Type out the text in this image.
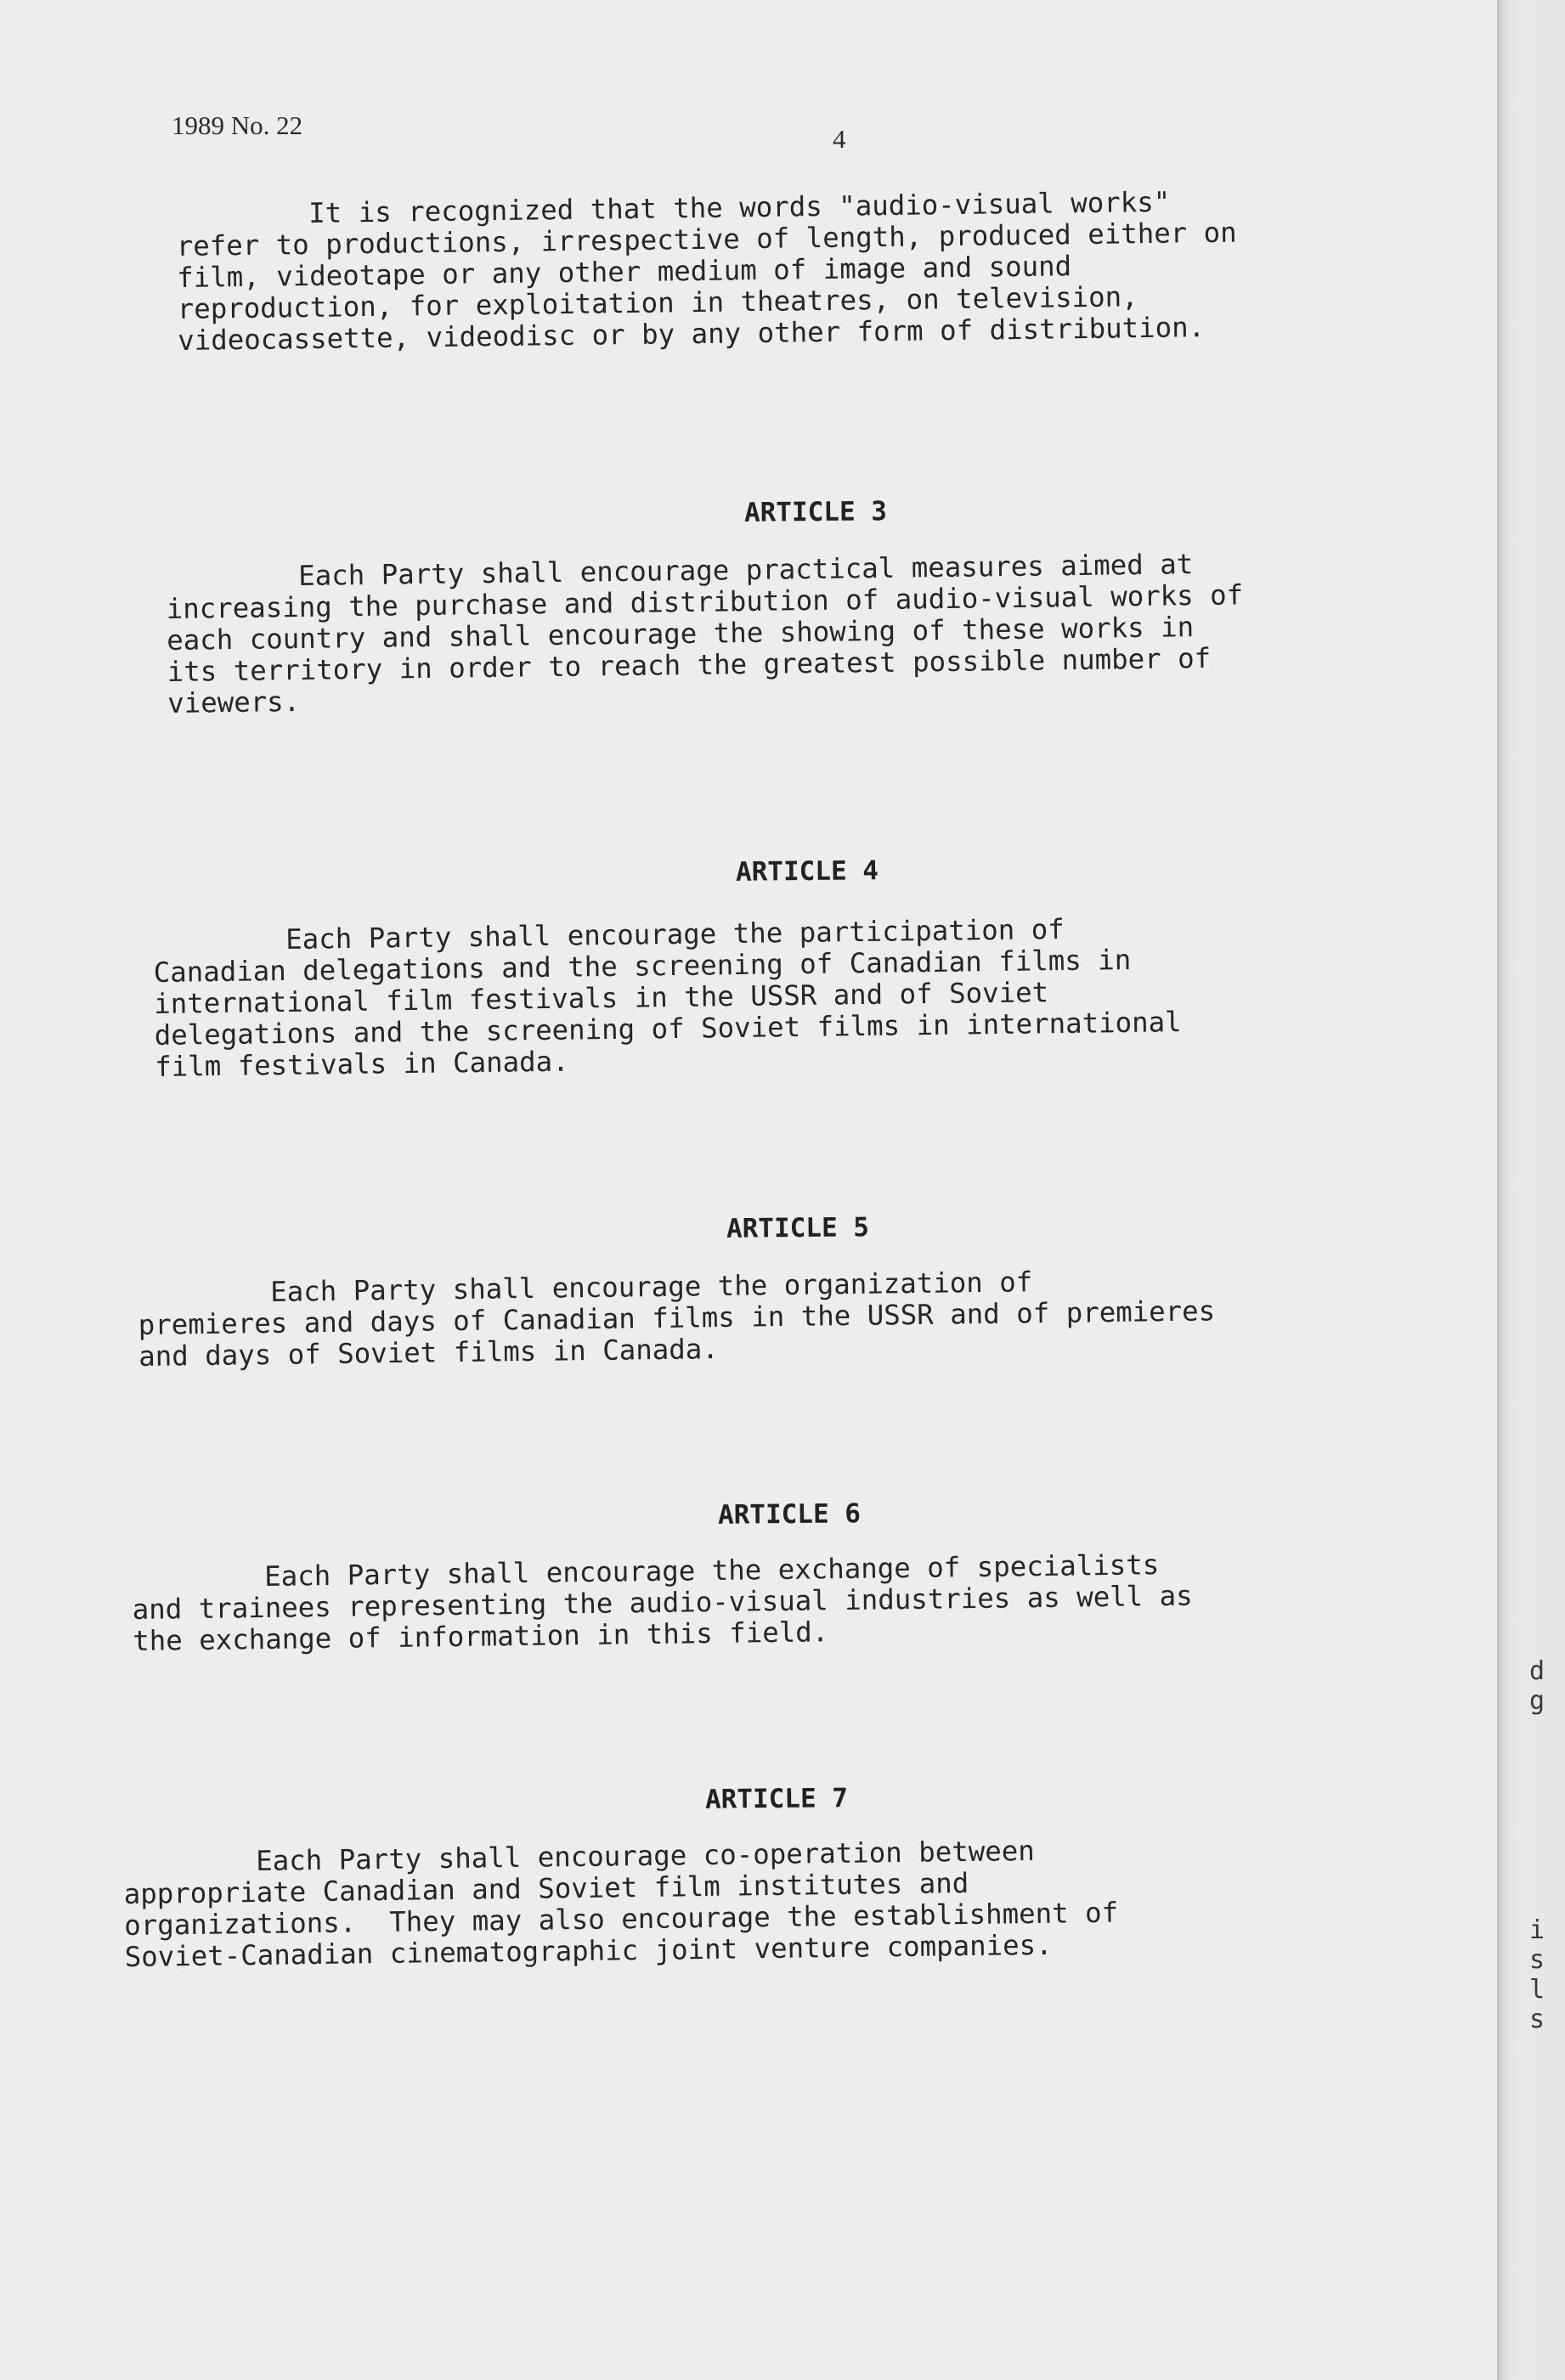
1989 No. 22	4

It is recognized that the words "audio-visual works"
refer to productions, irrespective of length, produced either on
film, videotape or any other medium of image and sound
reproduction, for exploitation in theatres, on television,
videocassette, videodisc or by any other form of distribution.

ARTICLE 3

Each Party shall encourage practical measures aimed at
increasing the purchase and distribution of audio-visual works of
each country and shall encourage the showing of these works in
its territory in order to reach the greatest possible number of
viewers.

ARTICLE 4

Each Party shall encourage the participation of
Canadian delegations and the screening of Canadian films in
international film festivals in the USSR and of Soviet
delegations and the screening of Soviet films in international
film festivals in Canada.

ARTICLE 5

Each Party shall encourage the organization of
premieres and days of Canadian films in the USSR and of premieres
and days of Soviet films in Canada.

ARTICLE 6

Each Party shall encourage the exchange of specialists
and trainees representing the audio-visual industries as well as
the exchange of information in this field.

ARTICLE 7

Each Party shall encourage co-operation between
appropriate Canadian and Soviet film institutes and
organizations.  They may also encourage the establishment of
Soviet-Canadian cinematographic joint venture companies.

d
g
i
s
l
s
